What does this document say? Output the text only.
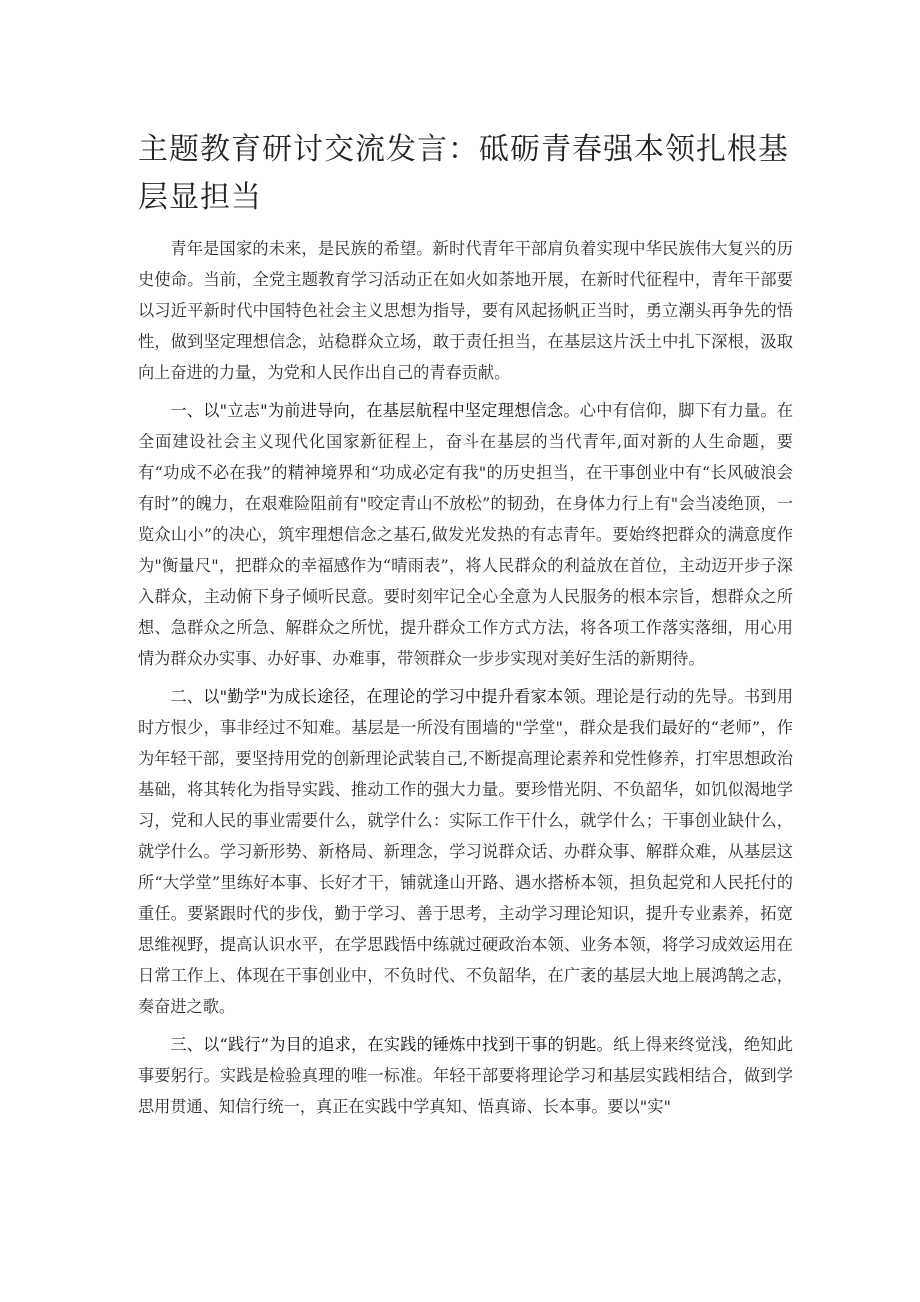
主题教育研讨交流发言：砥砺青春强本领扎根基层显担当

青年是国家的未来，是民族的希望。新时代青年干部肩负着实现中华民族伟大复兴的历史使命。当前，全党主题教育学习活动正在如火如荼地开展，在新时代征程中，青年干部要以习近平新时代中国特色社会主义思想为指导，要有风起扬帆正当时，勇立潮头再争先的悟性，做到坚定理想信念，站稳群众立场，敢于责任担当，在基层这片沃土中扎下深根，汲取向上奋进的力量，为党和人民作出自己的青春贡献。

一、以"立志"为前进导向，在基层航程中坚定理想信念。心中有信仰，脚下有力量。在全面建设社会主义现代化国家新征程上，奋斗在基层的当代青年,面对新的人生命题，要有“功成不必在我”的精神境界和“功成必定有我"的历史担当，在干事创业中有“长风破浪会有时”的魄力，在艰难险阻前有"咬定青山不放松”的韧劲，在身体力行上有"会当凌绝顶，一览众山小”的决心，筑牢理想信念之基石,做发光发热的有志青年。要始终把群众的满意度作为"衡量尺"，把群众的幸福感作为“晴雨表”，将人民群众的利益放在首位，主动迈开步子深入群众，主动俯下身子倾听民意。要时刻牢记全心全意为人民服务的根本宗旨，想群众之所想、急群众之所急、解群众之所忧，提升群众工作方式方法，将各项工作落实落细，用心用情为群众办实事、办好事、办难事，带领群众一步步实现对美好生活的新期待。

二、以"勤学"为成长途径，在理论的学习中提升看家本领。理论是行动的先导。书到用时方恨少，事非经过不知难。基层是一所没有围墙的"学堂"，群众是我们最好的“老师”，作为年轻干部，要坚持用党的创新理论武装自己,不断提高理论素养和党性修养，打牢思想政治基础，将其转化为指导实践、推动工作的强大力量。要珍惜光阴、不负韶华，如饥似渴地学习，党和人民的事业需要什么，就学什么：实际工作干什么，就学什么；干事创业缺什么，就学什么。学习新形势、新格局、新理念，学习说群众话、办群众事、解群众难，从基层这所“大学堂”里练好本事、长好才干，铺就逢山开路、遇水搭桥本领，担负起党和人民托付的重任。要紧跟时代的步伐，勤于学习、善于思考，主动学习理论知识，提升专业素养，拓宽思维视野，提高认识水平，在学思践悟中练就过硬政治本领、业务本领，将学习成效运用在日常工作上、体现在干事创业中，不负时代、不负韶华，在广袤的基层大地上展鸿鹄之志，奏奋进之歌。

三、以“践行”为目的追求，在实践的锤炼中找到干事的钥匙。纸上得来终觉浅，绝知此事要躬行。实践是检验真理的唯一标准。年轻干部要将理论学习和基层实践相结合，做到学思用贯通、知信行统一，真正在实践中学真知、悟真谛、长本事。要以"实"
